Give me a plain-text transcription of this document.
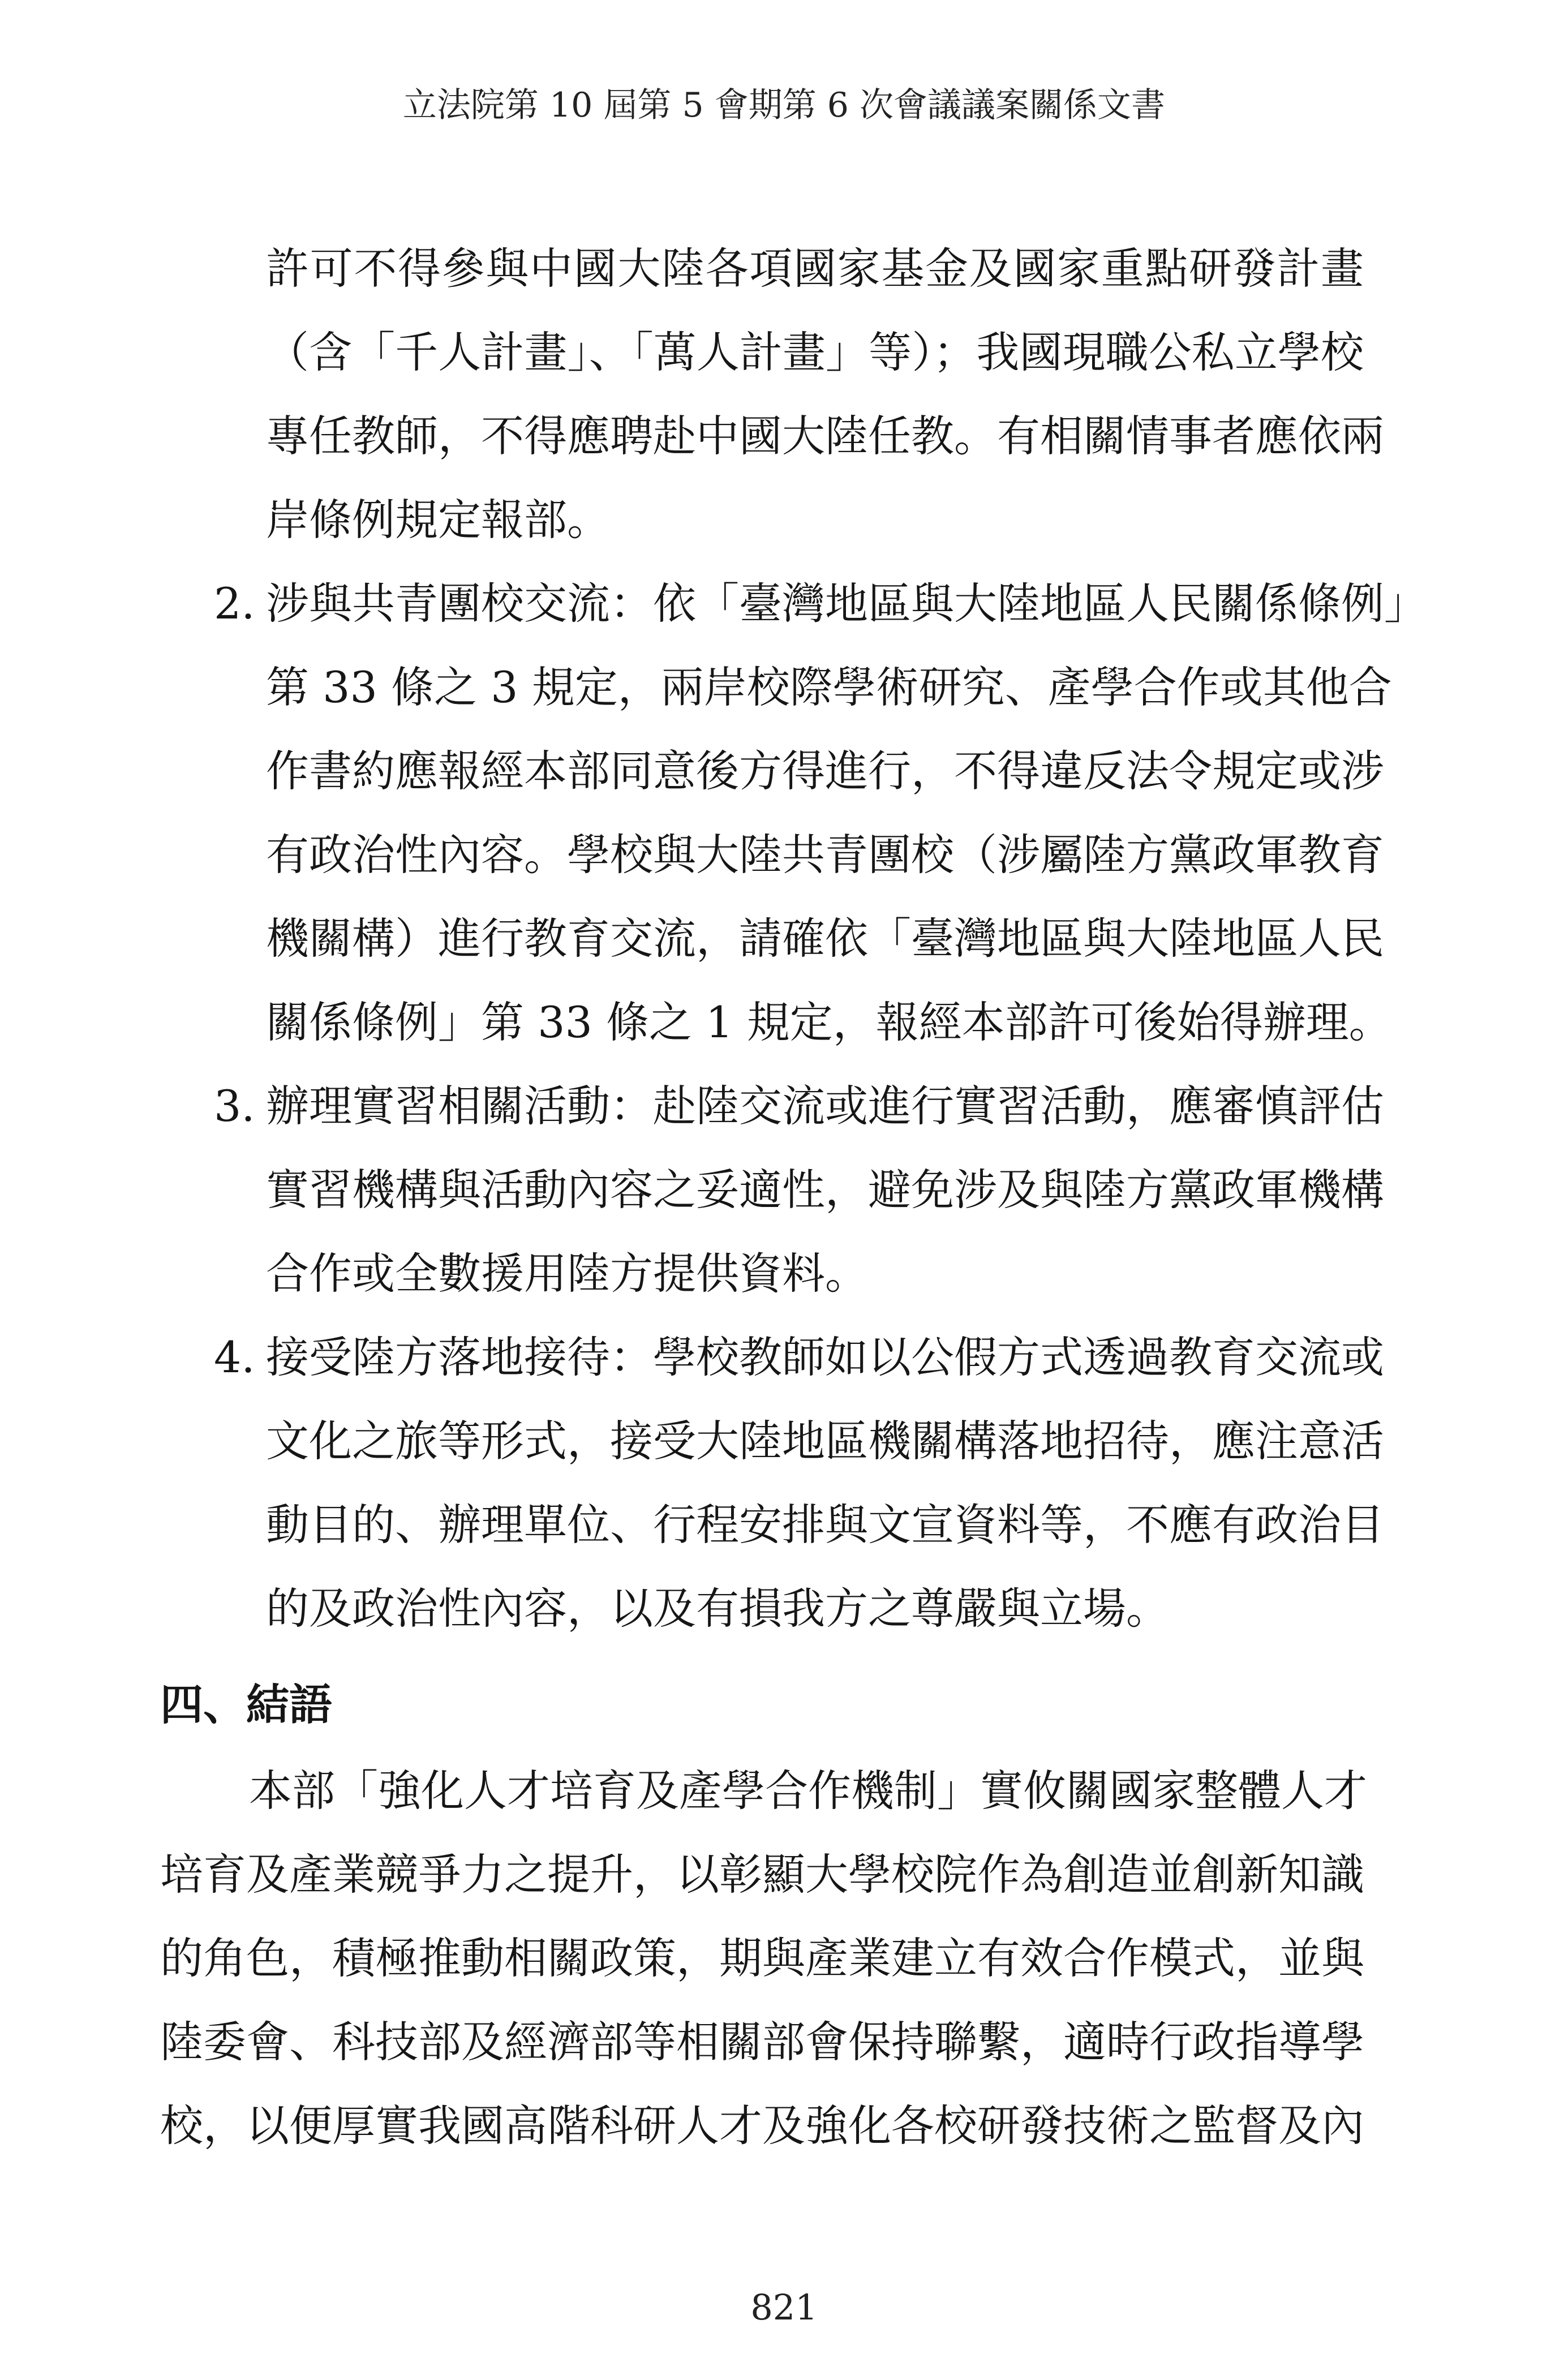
立法院第 10 屆第 5 會期第 6 次會議議案關係文書
許可不得參與中國大陸各項國家基金及國家重點研發計畫
（含「千人計畫」、「萬人計畫」等）；我國現職公私立學校
專任教師，不得應聘赴中國大陸任教。有相關情事者應依兩
岸條例規定報部。
2. 涉與共青團校交流：依「臺灣地區與大陸地區人民關係條例」
第 33 條之 3 規定，兩岸校際學術研究、產學合作或其他合
作書約應報經本部同意後方得進行，不得違反法令規定或涉
有政治性內容。學校與大陸共青團校（涉屬陸方黨政軍教育
機關構）進行教育交流，請確依「臺灣地區與大陸地區人民
關係條例」第 33 條之 1 規定，報經本部許可後始得辦理。
3. 辦理實習相關活動：赴陸交流或進行實習活動，應審慎評估
實習機構與活動內容之妥適性，避免涉及與陸方黨政軍機構
合作或全數援用陸方提供資料。
4. 接受陸方落地接待：學校教師如以公假方式透過教育交流或
文化之旅等形式，接受大陸地區機關構落地招待，應注意活
動目的、辦理單位、行程安排與文宣資料等，不應有政治目
的及政治性內容，以及有損我方之尊嚴與立場。
四、結語
本部「強化人才培育及產學合作機制」實攸關國家整體人才
培育及產業競爭力之提升，以彰顯大學校院作為創造並創新知識
的角色，積極推動相關政策，期與產業建立有效合作模式，並與
陸委會、科技部及經濟部等相關部會保持聯繫，適時行政指導學
校，以便厚實我國高階科研人才及強化各校研發技術之監督及內
821
